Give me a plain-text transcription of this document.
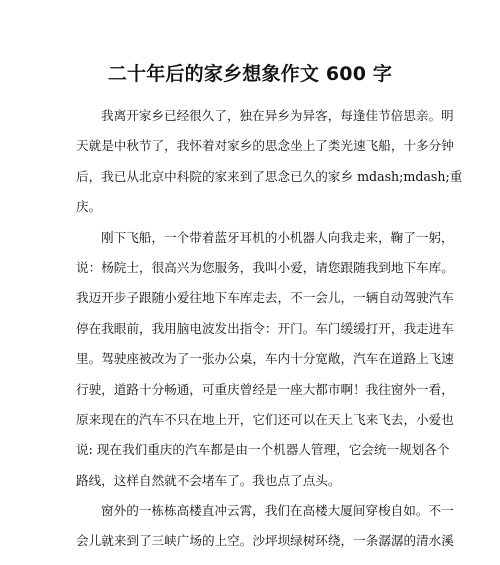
二十年后的家乡想象作文 600 字
我离开家乡已经很久了，独在异乡为异客，每逢佳节倍思亲。明
天就是中秋节了，我怀着对家乡的思念坐上了类光速飞船，十多分钟
后，我已从北京中科院的家来到了思念已久的家乡 mdash;mdash;重
庆。
刚下飞船，一个带着蓝牙耳机的小机器人向我走来，鞠了一躬，
说：杨院士，很高兴为您服务，我叫小爱，请您跟随我到地下车库。
我迈开步子跟随小爱往地下车库走去，不一会儿，一辆自动驾驶汽车
停在我眼前，我用脑电波发出指令：开门。车门缓缓打开，我走进车
里。驾驶座被改为了一张办公桌，车内十分宽敞，汽车在道路上飞速
行驶，道路十分畅通，可重庆曾经是一座大都市啊！我往窗外一看，
原来现在的汽车不只在地上开，它们还可以在天上飞来飞去，小爱也
说: 现在我们重庆的汽车都是由一个机器人管理，它会统一规划各个
路线，这样自然就不会堵车了。我也点了点头。
窗外的一栋栋高楼直冲云霄，我们在高楼大厦间穿梭自如。不一
会儿就来到了三峡广场的上空。沙坪坝绿树环绕，一条潺潺的清水溪
